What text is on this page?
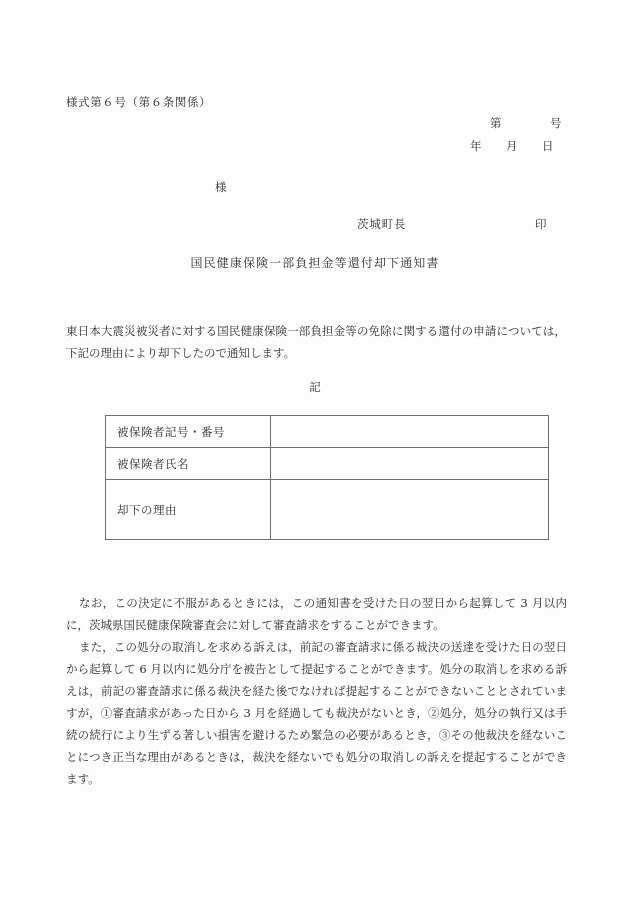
様式第６号（第６条関係）
第　　　　号
年　　月　　日
様
茨城町長	印
国民健康保険一部負担金等還付却下通知書
東日本大震災被災者に対する国民健康保険一部負担金等の免除に関する還付の申請については，下記の理由により却下したので通知します。
記
被保険者記号・番号	
被保険者氏名	
却下の理由	

なお，この決定に不服があるときには，この通知書を受けた日の翌日から起算して 3 月以内に，茨城県国民健康保険審査会に対して審査請求をすることができます。

また，この処分の取消しを求める訴えは，前記の審査請求に係る裁決の送達を受けた日の翌日から起算して 6 月以内に処分庁を被告として提起することができます。処分の取消しを求める訴えは，前記の審査請求に係る裁決を経た後でなければ提起することができないこととされていますが，①審査請求があった日から 3 月を経過しても裁決がないとき，②処分，処分の執行又は手続の続行により生ずる著しい損害を避けるため緊急の必要があるとき，③その他裁決を経ないことにつき正当な理由があるときは，裁決を経ないでも処分の取消しの訴えを提起することができます。
